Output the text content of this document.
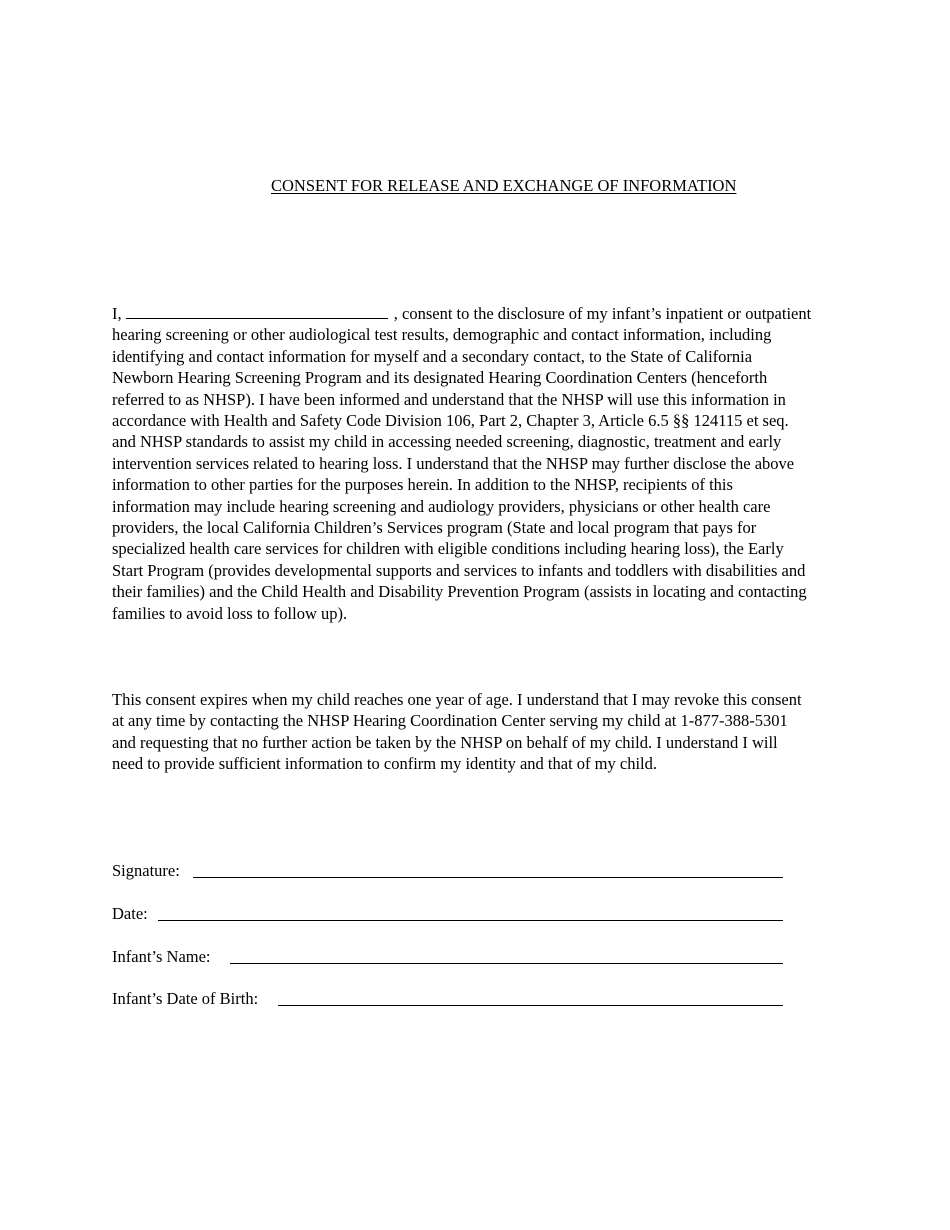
CONSENT FOR RELEASE AND EXCHANGE OF INFORMATION

I,	, consent to the disclosure of my infant’s inpatient or outpatient hearing screening or other audiological test results, demographic and contact information, including identifying and contact information for myself and a secondary contact, to the State of California Newborn Hearing Screening Program and its designated Hearing Coordination Centers (henceforth referred to as NHSP). I have been informed and understand that the NHSP will use this information in accordance with Health and Safety Code Division 106, Part 2, Chapter 3, Article 6.5 §§ 124115 et seq. and NHSP standards to assist my child in accessing needed screening, diagnostic, treatment and early intervention services related to hearing loss. I understand that the NHSP may further disclose the above information to other parties for the purposes herein. In addition to the NHSP, recipients of this information may include hearing screening and audiology providers, physicians or other health care providers, the local California Children’s Services program (State and local program that pays for specialized health care services for children with eligible conditions including hearing loss), the Early Start Program (provides developmental supports and services to infants and toddlers with disabilities and their families) and the Child Health and Disability Prevention Program (assists in locating and contacting families to avoid loss to follow up).

This consent expires when my child reaches one year of age. I understand that I may revoke this consent at any time by contacting the NHSP Hearing Coordination Center serving my child at 1-877-388-5301 and requesting that no further action be taken by the NHSP on behalf of my child. I understand I will need to provide sufficient information to confirm my identity and that of my child.

Signature:
Date:
Infant’s Name:
Infant’s Date of Birth:
